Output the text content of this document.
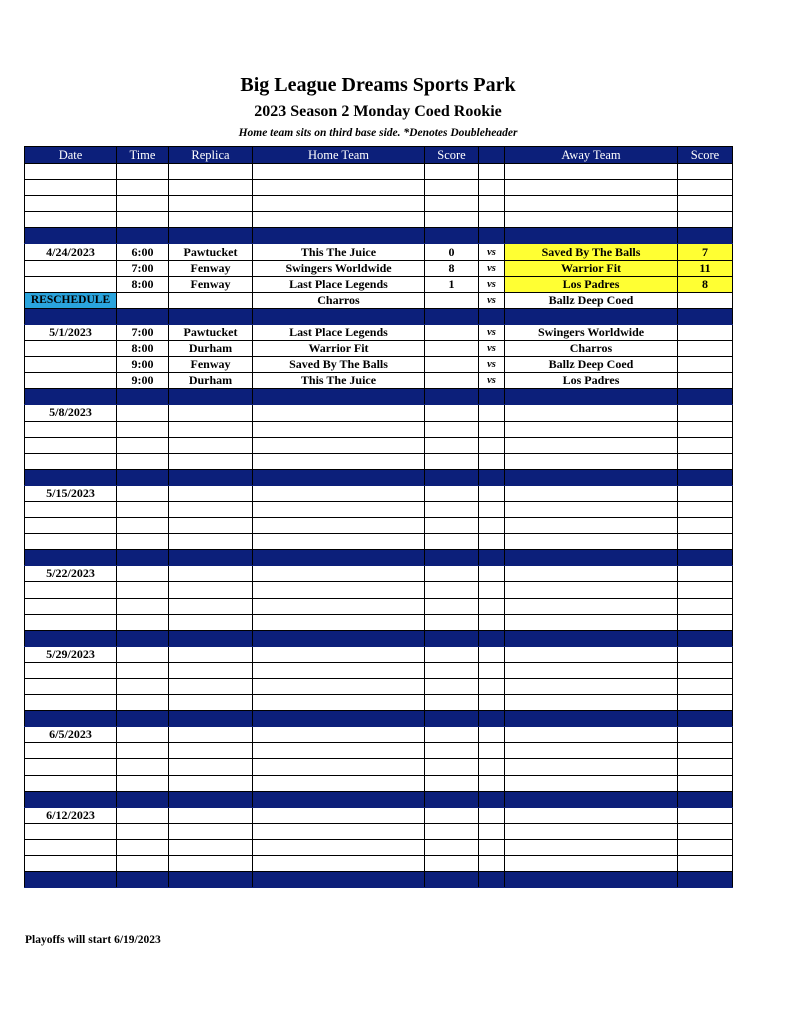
Big League Dreams Sports Park
2023 Season 2 Monday Coed Rookie
Home team sits on third base side. *Denotes Doubleheader
Date	Time	Replica	Home Team	Score		Away Team	Score

4/24/2023	6:00	Pawtucket	This The Juice	0	vs	Saved By The Balls	7
	7:00	Fenway	Swingers Worldwide	8	vs	Warrior Fit	11
	8:00	Fenway	Last Place Legends	1	vs	Los Padres	8
RESCHEDULE			Charros		vs	Ballz Deep Coed	

5/1/2023	7:00	Pawtucket	Last Place Legends		vs	Swingers Worldwide	
	8:00	Durham	Warrior Fit		vs	Charros	
	9:00	Fenway	Saved By The Balls		vs	Ballz Deep Coed	
	9:00	Durham	This The Juice		vs	Los Padres	

5/8/2023							

5/15/2023							

5/22/2023							

5/29/2023							

6/5/2023							

6/12/2023							

Playoffs will start 6/19/2023
